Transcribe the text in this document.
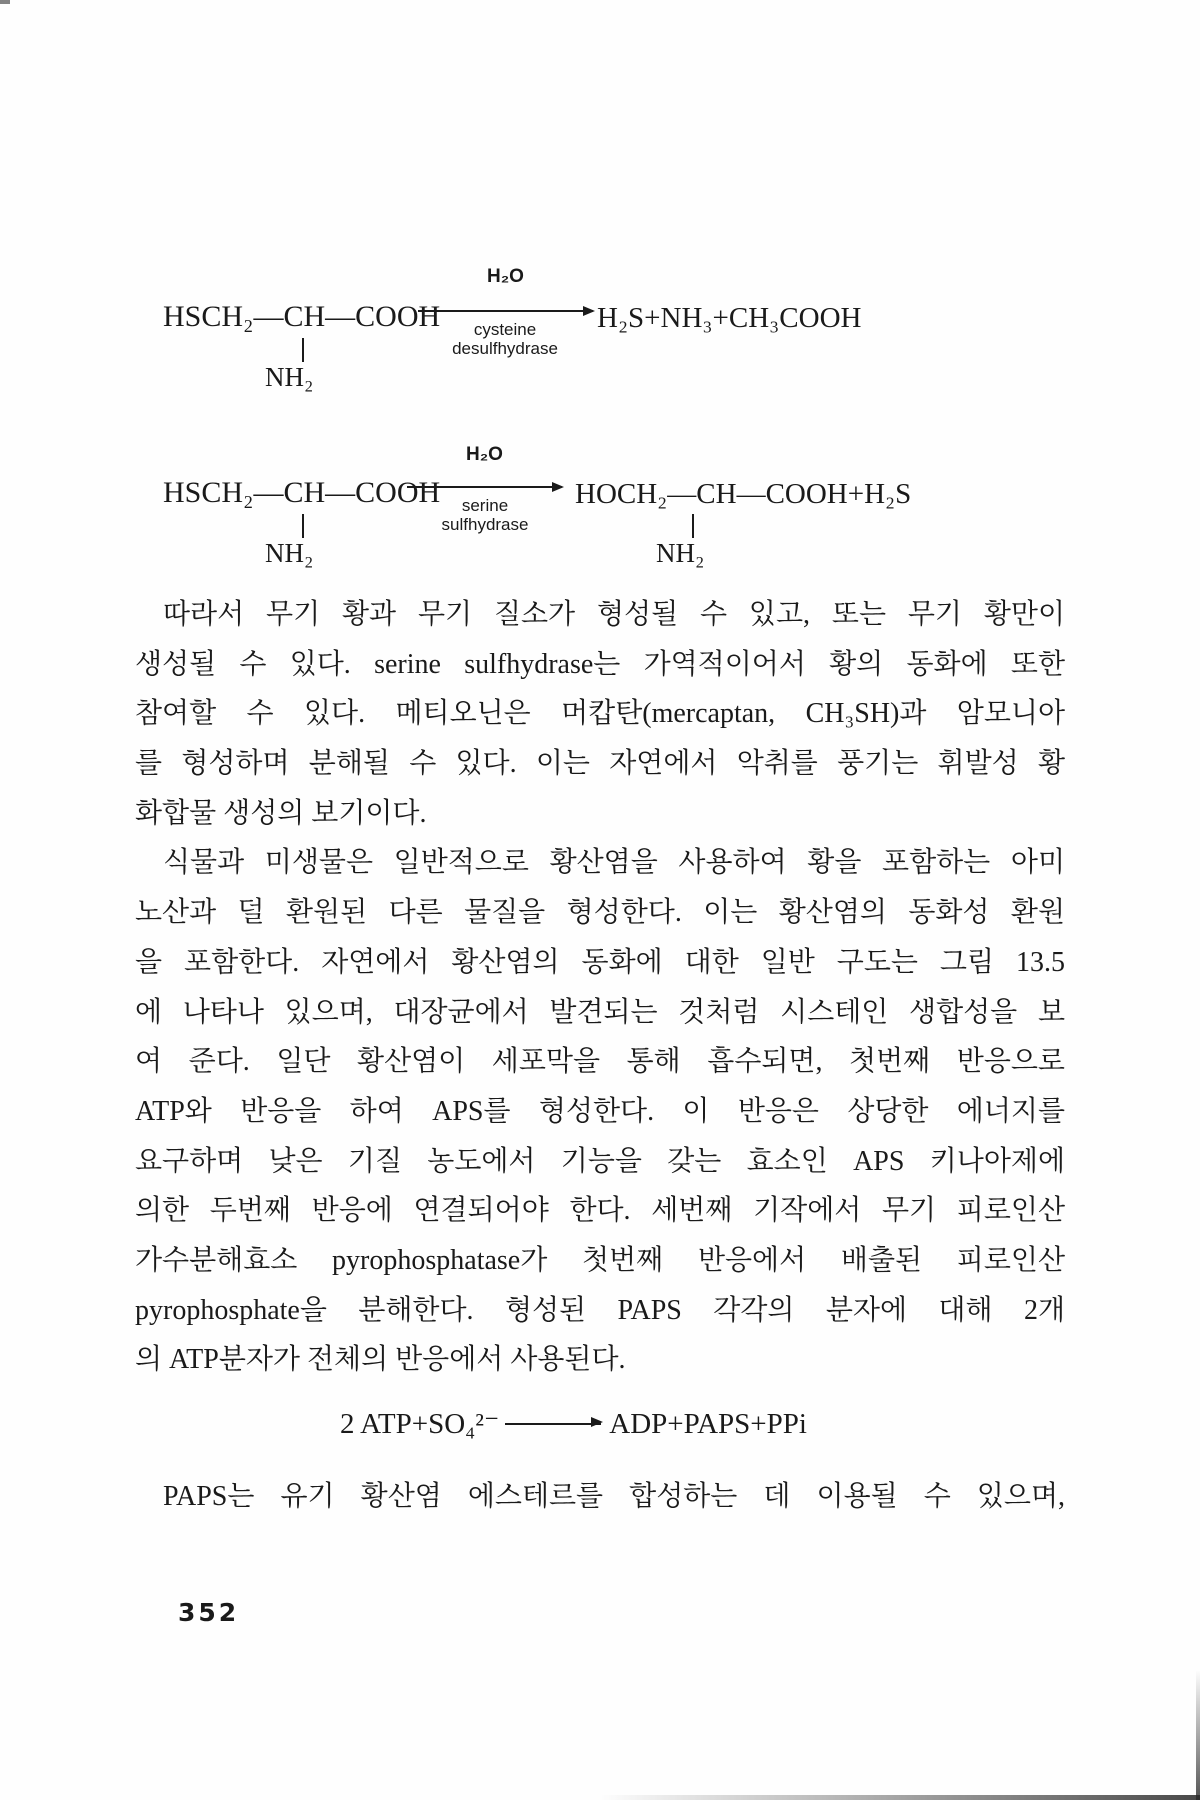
HSCH₂—CH—COOH
NH₂
H₂O
cysteine
desulfhydrase
H₂S+NH₃+CH₃COOH
HSCH₂—CH—COOH
NH₂
H₂O
serine
sulfhydrase
HOCH₂—CH—COOH+H₂S
NH₂
따라서 무기 황과 무기 질소가 형성될 수 있고, 또는 무기 황만이
생성될 수 있다. serine sulfhydrase는 가역적이어서 황의 동화에 또한
참여할 수 있다. 메티오닌은 머캅탄(mercaptan, CH₃SH)과 암모니아
를 형성하며 분해될 수 있다. 이는 자연에서 악취를 풍기는 휘발성 황
화합물 생성의 보기이다.
식물과 미생물은 일반적으로 황산염을 사용하여 황을 포함하는 아미
노산과 덜 환원된 다른 물질을 형성한다. 이는 황산염의 동화성 환원
을 포함한다. 자연에서 황산염의 동화에 대한 일반 구도는 그림 13.5
에 나타나 있으며, 대장균에서 발견되는 것처럼 시스테인 생합성을 보
여 준다. 일단 황산염이 세포막을 통해 흡수되면, 첫번째 반응으로
ATP와 반응을 하여 APS를 형성한다. 이 반응은 상당한 에너지를
요구하며 낮은 기질 농도에서 기능을 갖는 효소인 APS 키나아제에
의한 두번째 반응에 연결되어야 한다. 세번째 기작에서 무기 피로인산
가수분해효소 pyrophosphatase가 첫번째 반응에서 배출된 피로인산
pyrophosphate을 분해한다. 형성된 PAPS 각각의 분자에 대해 2개
의 ATP분자가 전체의 반응에서 사용된다.
2 ATP+SO₄²⁻	ADP+PAPS+PPi
PAPS는 유기 황산염 에스테르를 합성하는 데 이용될 수 있으며,
352
